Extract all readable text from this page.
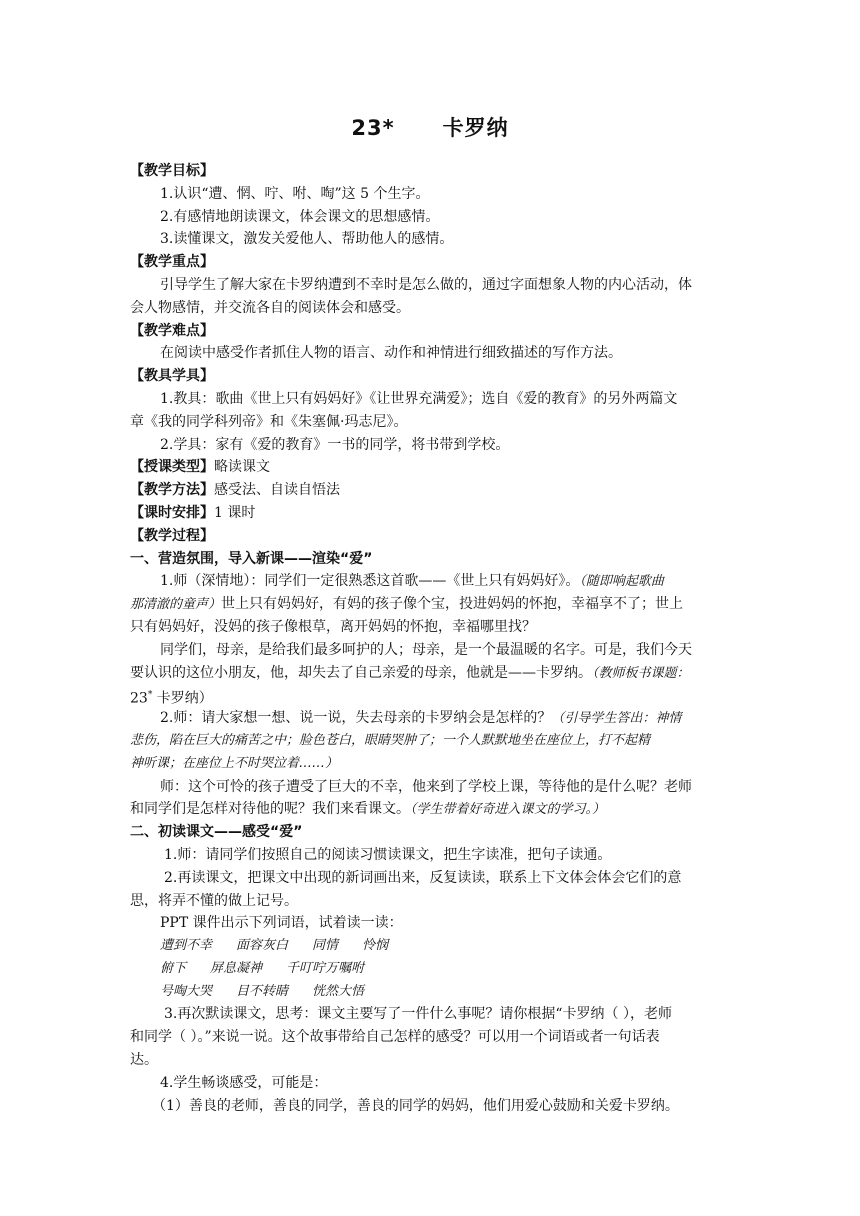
23* 卡罗纳
【教学目标】
1.认识“遭、惘、咛、咐、啕”这 5 个生字。
2.有感情地朗读课文，体会课文的思想感情。
3.读懂课文，激发关爱他人、帮助他人的感情。
【教学重点】
引导学生了解大家在卡罗纳遭到不幸时是怎么做的，通过字面想象人物的内心活动，体
会人物感情，并交流各自的阅读体会和感受。
【教学难点】
在阅读中感受作者抓住人物的语言、动作和神情进行细致描述的写作方法。
【教具学具】
1.教具：歌曲《世上只有妈妈好》《让世界充满爱》；选自《爱的教育》的另外两篇文
章《我的同学科列帝》和《朱塞佩·玛志尼》。
2.学具：家有《爱的教育》一书的同学，将书带到学校。
【授课类型】略读课文
【教学方法】感受法、自读自悟法
【课时安排】1 课时
【教学过程】
一、营造氛围，导入新课——渲染“爱”
1.师（深情地）：同学们一定很熟悉这首歌——《世上只有妈妈好》。（随即响起歌曲
那清澈的童声）世上只有妈妈好，有妈的孩子像个宝，投进妈妈的怀抱，幸福享不了；世上
只有妈妈好，没妈的孩子像根草，离开妈妈的怀抱，幸福哪里找？
同学们，母亲，是给我们最多呵护的人；母亲，是一个最温暖的名字。可是，我们今天
要认识的这位小朋友，他，却失去了自己亲爱的母亲，他就是——卡罗纳。（教师板书课题：
23* 卡罗纳）
2.师：请大家想一想、说一说，失去母亲的卡罗纳会是怎样的？（引导学生答出：神情
悲伤，陷在巨大的痛苦之中；脸色苍白，眼睛哭肿了；一个人默默地坐在座位上，打不起精
神听课；在座位上不时哭泣着……）
师：这个可怜的孩子遭受了巨大的不幸，他来到了学校上课，等待他的是什么呢？老师
和同学们是怎样对待他的呢？我们来看课文。（学生带着好奇进入课文的学习。）
二、初读课文——感受“爱”
1.师：请同学们按照自己的阅读习惯读课文，把生字读准，把句子读通。
2.再读课文，把课文中出现的新词画出来，反复读读，联系上下文体会体会它们的意
思，将弄不懂的做上记号。
PPT 课件出示下列词语，试着读一读：
遭到不幸 面容灰白 同情 怜悯
俯下 屏息凝神 千叮咛万嘱咐
号啕大哭 目不转睛 恍然大悟
3.再次默读课文，思考：课文主要写了一件什么事呢？请你根据“卡罗纳（ ），老师
和同学（ ）。”来说一说。这个故事带给自己怎样的感受？可以用一个词语或者一句话表
达。
4.学生畅谈感受，可能是：
（1）善良的老师，善良的同学，善良的同学的妈妈，他们用爱心鼓励和关爱卡罗纳。
